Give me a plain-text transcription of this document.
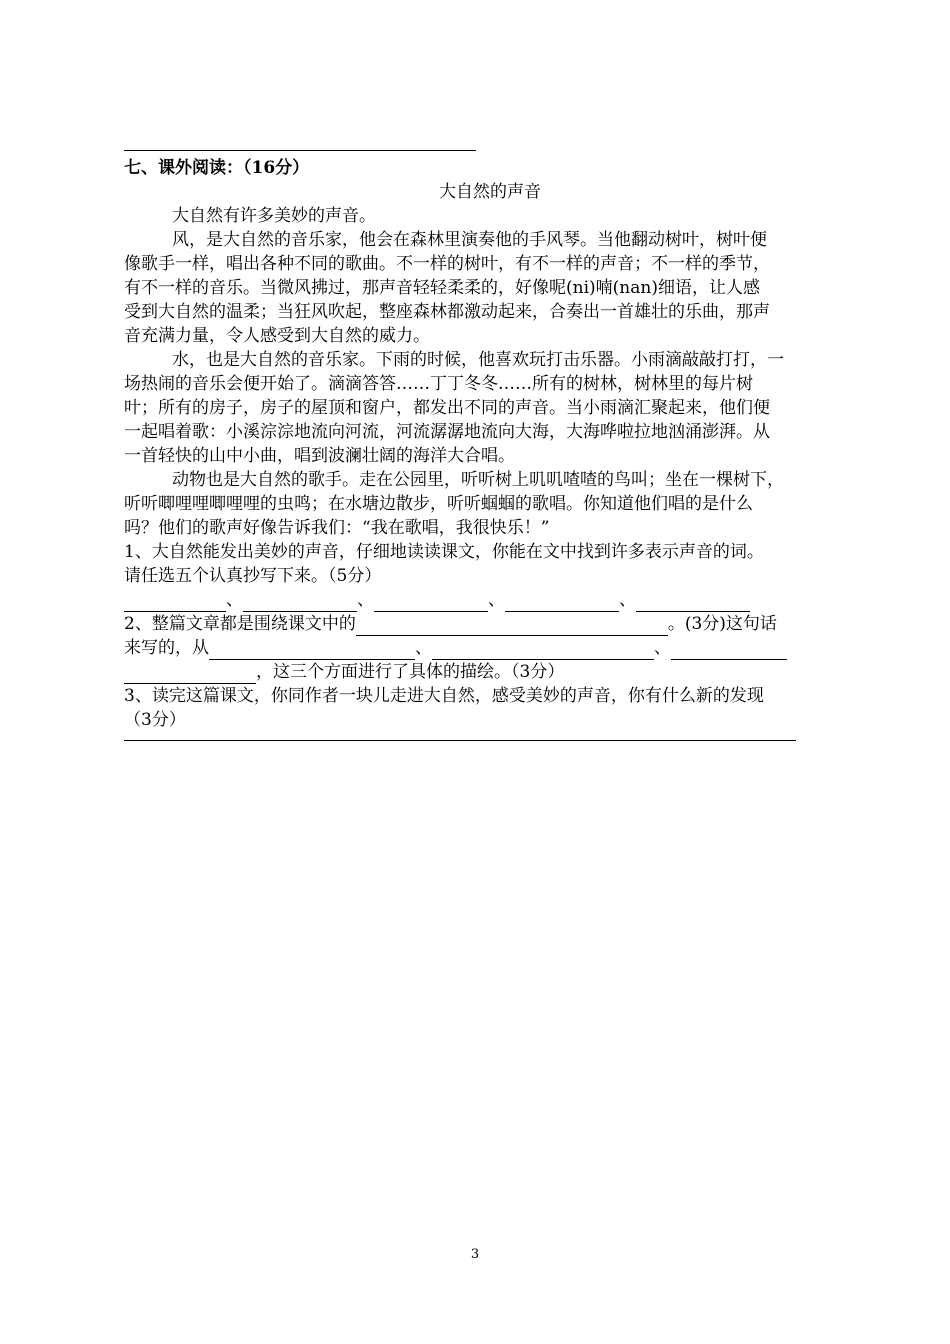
七、课外阅读：（16分）
大自然的声音
大自然有许多美妙的声音。
风，是大自然的音乐家，他会在森林里演奏他的手风琴。当他翻动树叶，树叶便
像歌手一样，唱出各种不同的歌曲。不一样的树叶，有不一样的声音；不一样的季节，
有不一样的音乐。当微风拂过，那声音轻轻柔柔的，好像呢(ni)喃(nan)细语，让人感
受到大自然的温柔；当狂风吹起，整座森林都激动起来，合奏出一首雄壮的乐曲，那声
音充满力量，令人感受到大自然的威力。
水，也是大自然的音乐家。下雨的时候，他喜欢玩打击乐器。小雨滴敲敲打打，一
场热闹的音乐会便开始了。滴滴答答……丁丁冬冬……所有的树林，树林里的每片树
叶；所有的房子，房子的屋顶和窗户，都发出不同的声音。当小雨滴汇聚起来，他们便
一起唱着歌：小溪淙淙地流向河流，河流潺潺地流向大海，大海哗啦拉地汹涌澎湃。从
一首轻快的山中小曲，唱到波澜壮阔的海洋大合唱。
动物也是大自然的歌手。走在公园里，听听树上叽叽喳喳的鸟叫；坐在一棵树下，
听听唧哩哩唧哩哩的虫鸣；在水塘边散步，听听蝈蝈的歌唱。你知道他们唱的是什么
吗？他们的歌声好像告诉我们：“我在歌唱，我很快乐！”
1、大自然能发出美妙的声音，仔细地读读课文，你能在文中找到许多表示声音的词。
请任选五个认真抄写下来。（5分）
、	、	、	、
2、整篇文章都是围绕课文中的	。(3分)这句话
来写的，从	、	、
，这三个方面进行了具体的描绘。（3分）
3、读完这篇课文，你同作者一块儿走进大自然，感受美妙的声音，你有什么新的发现
（3分）
3
